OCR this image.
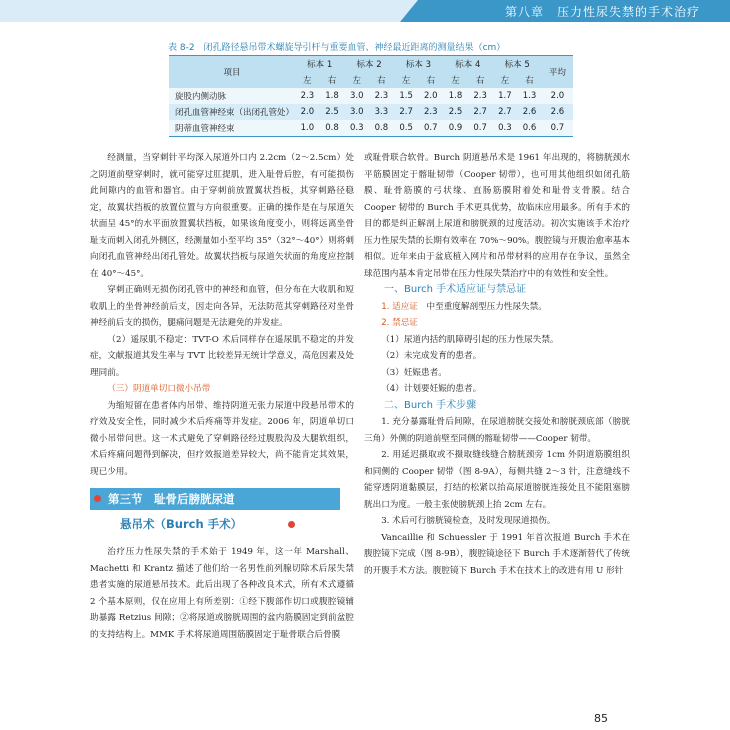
第八章　压力性尿失禁的手术治疗
表 8-2　闭孔路径悬吊带术螺旋导引杆与重要血管、神经最近距离的测量结果（cm）
项目	标本 1		标本 2		标本 3		标本 4		标本 5		平均
	左	右	左	右	左	右	左	右	左	右	
旋股内侧动脉	2.3	1.8	3.0	2.3	1.5	2.0	1.8	2.3	1.7	1.3	2.0
闭孔血管神经束（出闭孔管处）	2.0	2.5	3.0	3.3	2.7	2.3	2.5	2.7	2.7	2.6	2.6
阴蒂血管神经束	1.0	0.8	0.3	0.8	0.5	0.7	0.9	0.7	0.3	0.6	0.7

经测量，当穿刺针平均深入尿道外口内 2.2cm（2～2.5cm）处之阴道前壁穿刺时，就可能穿过肛提肌，进入耻骨后腔，有可能损伤此间隙内的血管和器官。由于穿刺前放置翼状挡板，其穿刺路径稳定，故翼状挡板的放置位置与方向很重要。正确的操作是在与尿道矢状面呈 45°的水平面放置翼状挡板，如果该角度变小，则将远离坐骨耻支而刺入闭孔外侧区，经测量如小至平均 35°（32°～40°）则将刺向闭孔血管神经出闭孔管处。故翼状挡板与尿道矢状面的角度应控制在 40°～45°。

穿刺正确则无损伤闭孔管中的神经和血管，但分布在大收肌和短收肌上的坐骨神经前后支，因走向各异，无法防范其穿刺路径对坐骨神经前后支的损伤，腿痛问题是无法避免的并发症。

（2）遥尿肌不稳定：TVT-O 术后同样存在遥尿肌不稳定的并发症，文献报道其发生率与 TVT 比较差异无统计学意义，高危因素及处理同前。

（三）阴道单切口微小吊带

为缩短留在患者体内吊带、维持阴道无张力尿道中段悬吊带术的疗效及安全性，同时减少术后疼痛等并发症。2006 年，阴道单切口微小吊带问世。这一术式避免了穿刺路径经过腹股沟及大腿软组织，术后疼痛问题得到解决，但疗效报道差异较大，尚不能肯定其效果，现已少用。

第三节　耻骨后膀胱尿道
悬吊术（Burch 手术）

治疗压力性尿失禁的手术始于 1949 年，这一年 Marshall、Machetti 和 Krantz 描述了他们给一名男性前列腺切除术后尿失禁患者实施的尿道悬吊技术。此后出现了各种改良术式，所有术式遵循 2 个基本原则，仅在应用上有所差别：①经下腹部作切口或腹腔镜辅助暴露 Retzius 间隙；②将尿道或膀胱周围的盆内筋膜固定到前盆腔的支持结构上。MMK 手术将尿道周围筋膜固定于耻骨联合后骨膜

或耻骨联合软骨。Burch 阴道悬吊术是 1961 年出现的，将膀胱颈水平筋膜固定于髂耻韧带（Cooper 韧带），也可用其他组织如闭孔筋膜、耻骨筋膜的弓状缘、直肠筋膜附着处和耻骨支骨膜。结合 Cooper 韧带的 Burch 手术更具优势，故临床应用最多。所有手术的目的都是纠正解剖上尿道和膀胱颈的过度活动。初次实施该手术治疗压力性尿失禁的长期有效率在 70%～90%。腹腔镜与开腹治愈率基本相似。近年来由于盆底植入网片和吊带材料的应用存在争议，虽然全球范围内基本肯定吊带在压力性尿失禁治疗中的有效性和安全性。

一、Burch 手术适应证与禁忌证

1. 适应证　 中至重度解剖型压力性尿失禁。

2. 禁忌证

（1）尿道内括约肌障碍引起的压力性尿失禁。

（2）未完成发育的患者。

（3）妊娠患者。

（4）计划要妊娠的患者。

二、Burch 手术步骤

1. 充分暴露耻骨后间隙，在尿道膀胱交接处和膀胱颈底部（膀胱三角）外侧的阴道前壁至同侧的髂耻韧带——Cooper 韧带。

2. 用延迟摄取或不摄取缝线缝合膀胱颈旁 1cm 外阴道筋膜组织和同侧的 Cooper 韧带（图 8-9A），每侧共缝 2～3 针，注意缝线不能穿透阴道黏膜层，打结的松紧以抬高尿道膀胱连接处且不能阻塞膀胱出口为度。一般主张使膀胱颈上抬 2cm 左右。

3. 术后可行膀胱镜检查，及时发现尿道损伤。

Vancaillie 和 Schuessler 于 1991 年首次报道 Burch 手术在腹腔镜下完成（图 8-9B），腹腔镜途径下 Burch 手术逐渐替代了传统的开腹手术方法。腹腔镜下 Burch 手术在技术上的改进有用 U 形针

85
